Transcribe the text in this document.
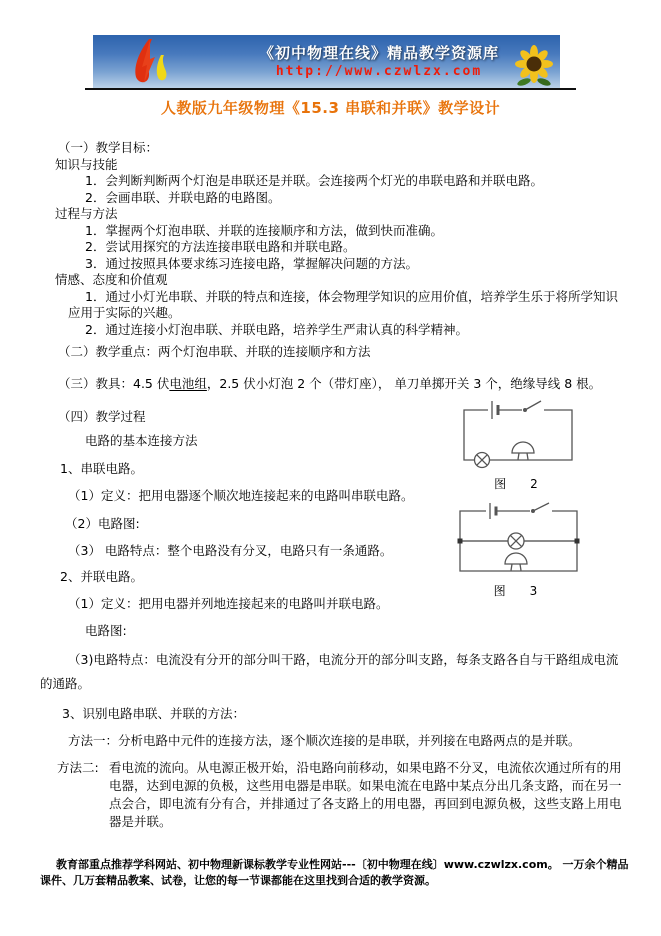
《初中物理在线》精品教学资源库
http://www.czwlzx.com
人教版九年级物理《15.3 串联和并联》教学设计

（一）教学目标：

知识与技能

1．会判断判断两个灯泡是串联还是并联。会连接两个灯光的串联电路和并联电路。

2．会画串联、并联电路的电路图。

过程与方法

1．掌握两个灯泡串联、并联的连接顺序和方法，做到快而准确。

2．尝试用探究的方法连接串联电路和并联电路。

3．通过按照具体要求练习连接电路，掌握解决问题的方法。

情感、态度和价值观

1．通过小灯光串联、并联的特点和连接，体会物理学知识的应用价值，培养学生乐于将所学知识应用于实际的兴趣。

2．通过连接小灯泡串联、并联电路，培养学生严肃认真的科学精神。

（二）教学重点：两个灯泡串联、并联的连接顺序和方法

（三）教具：4.5 伏电池组，2.5 伏小灯泡 2 个（带灯座）， 单刀单掷开关 3 个，绝缘导线 8 根。

（四）教学过程

电路的基本连接方法

1、串联电路。

（1）定义：把用电器逐个顺次地连接起来的电路叫串联电路。

（2）电路图:

（3） 电路特点：整个电路没有分叉，电路只有一条通路。

2、并联电路。

（1）定义：把用电器并列地连接起来的电路叫并联电路。

电路图:

（3)电路特点：电流没有分开的部分叫干路，电流分开的部分叫支路，每条支路各自与干路组成电流的通路。

3、识别电路串联、并联的方法：

方法一：分析电路中元件的连接方法，逐个顺次连接的是串联，并列接在电路两点的是并联。

方法二: 看电流的流向。从电源正极开始，沿电路向前移动，如果电路不分叉，电流依次通过所有的用电器，达到电源的负极，这些用电器是串联。如果电流在电路中某点分出几条支路，而在另一点会合，即电流有分有合，并排通过了各支路上的用电器，再回到电源负极，这些支路上用电器是并联。
图　2
图　3
教育部重点推荐学科网站、初中物理新课标教学专业性网站---〔初中物理在线〕www.czwlzx.com。 一万余个精品课件、几万套精品教案、试卷，让您的每一节课都能在这里找到合适的教学资源。
